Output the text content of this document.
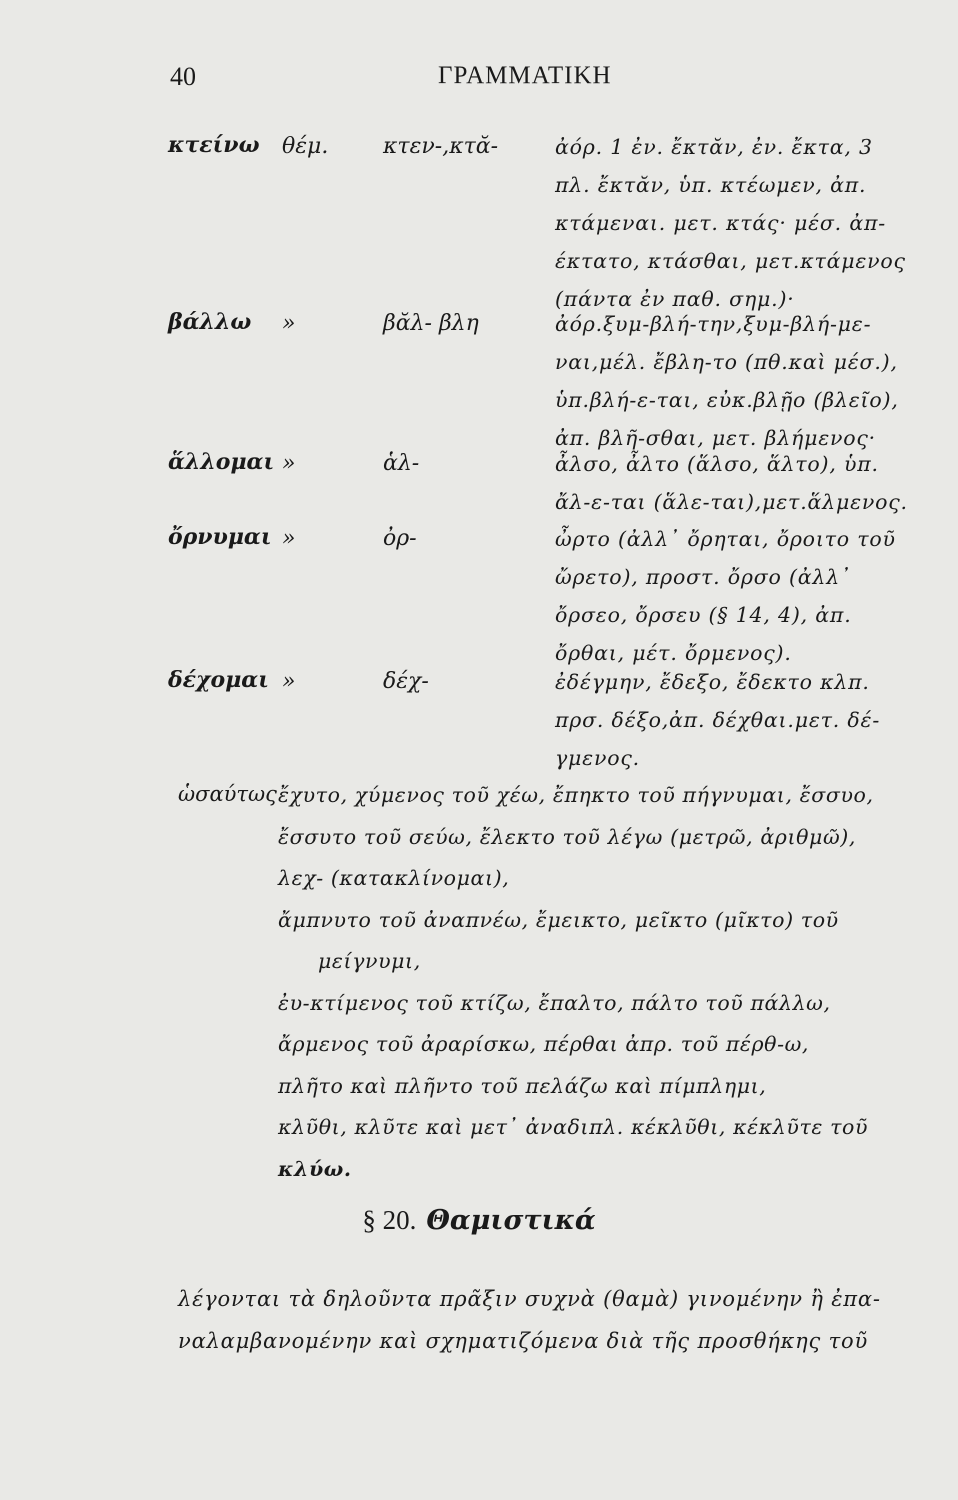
40	ΓΡΑΜΜΑΤΙΚΗ
κτείνω θέμ. κτεν-,κτᾰ-	ἀόρ. 1 ἐν. ἔκτᾰν, ἐν. ἔκτα, 3
πλ. ἔκτᾰν, ὑπ. κτέωμεν, ἀπ.
κτάμεναι. μετ. κτάς· μέσ. ἀπ-
έκτατο, κτάσθαι, μετ.κτάμενος
(πάντα ἐν παθ. σημ.)·
βάλλω »	βᾰλ- βλη	ἀόρ.ξυμ-βλή-την,ξυμ-βλή-με-
ναι,μέλ. ἔβλη-το (πθ.καὶ μέσ.),
ὑπ.βλή-ε-ται, εὐκ.βλῇο (βλεῖο),
ἀπ. βλῆ-σθαι, μετ. βλήμενος·
ἅλλομαι »	ἁλ-	ἆλσο, ἆλτο (ἅλσο, ἅλτο), ὑπ.
ἄλ-ε-ται (ἅλε-ται),μετ.ἅλμενος.
ὄρνυμαι »	ὀρ-	ὦρτο (ἀλλ᾽ ὄρηται, ὄροιτο τοῦ
ὤρετο), προστ. ὄρσο (ἀλλ᾽
ὄρσεο, ὄρσευ (§ 14, 4), ἀπ.
ὄρθαι, μέτ. ὄρμενος).
δέχομαι »	δέχ-	ἐδέγμην, ἔδεξο, ἔδεκτο κλπ.
πρσ. δέξο,ἀπ. δέχθαι.μετ. δέ-
γμενος.
ὡσαύτως ἔχυτο, χύμενος τοῦ χέω, ἔπηκτο τοῦ πήγνυμαι, ἔσσυο,
ἔσσυτο τοῦ σεύω, ἔλεκτο τοῦ λέγω (μετρῶ, ἀριθμῶ),
λεχ- (κατακλίνομαι),
ἄμπνυτο τοῦ ἀναπνέω, ἔμεικτο, μεῖκτο (μῖκτο) τοῦ
μείγνυμι,
ἐυ-κτίμενος τοῦ κτίζω, ἔπαλτο, πάλτο τοῦ πάλλω,
ἄρμενος τοῦ ἀραρίσκω, πέρθαι ἀπρ. τοῦ πέρθ-ω,
πλῆτο καὶ πλῆντο τοῦ πελάζω καὶ πίμπλημι,
κλῦθι, κλῦτε καὶ μετ᾽ ἀναδιπλ. κέκλῦθι, κέκλῦτε τοῦ
κλύω.
§ 20. Θαμιστικά
λέγονται τὰ δηλοῦντα πρᾶξιν συχνὰ (θαμὰ) γινομένην ἢ ἐπα-
ναλαμβανομένην καὶ σχηματιζόμενα διὰ τῆς προσθήκης τοῦ
